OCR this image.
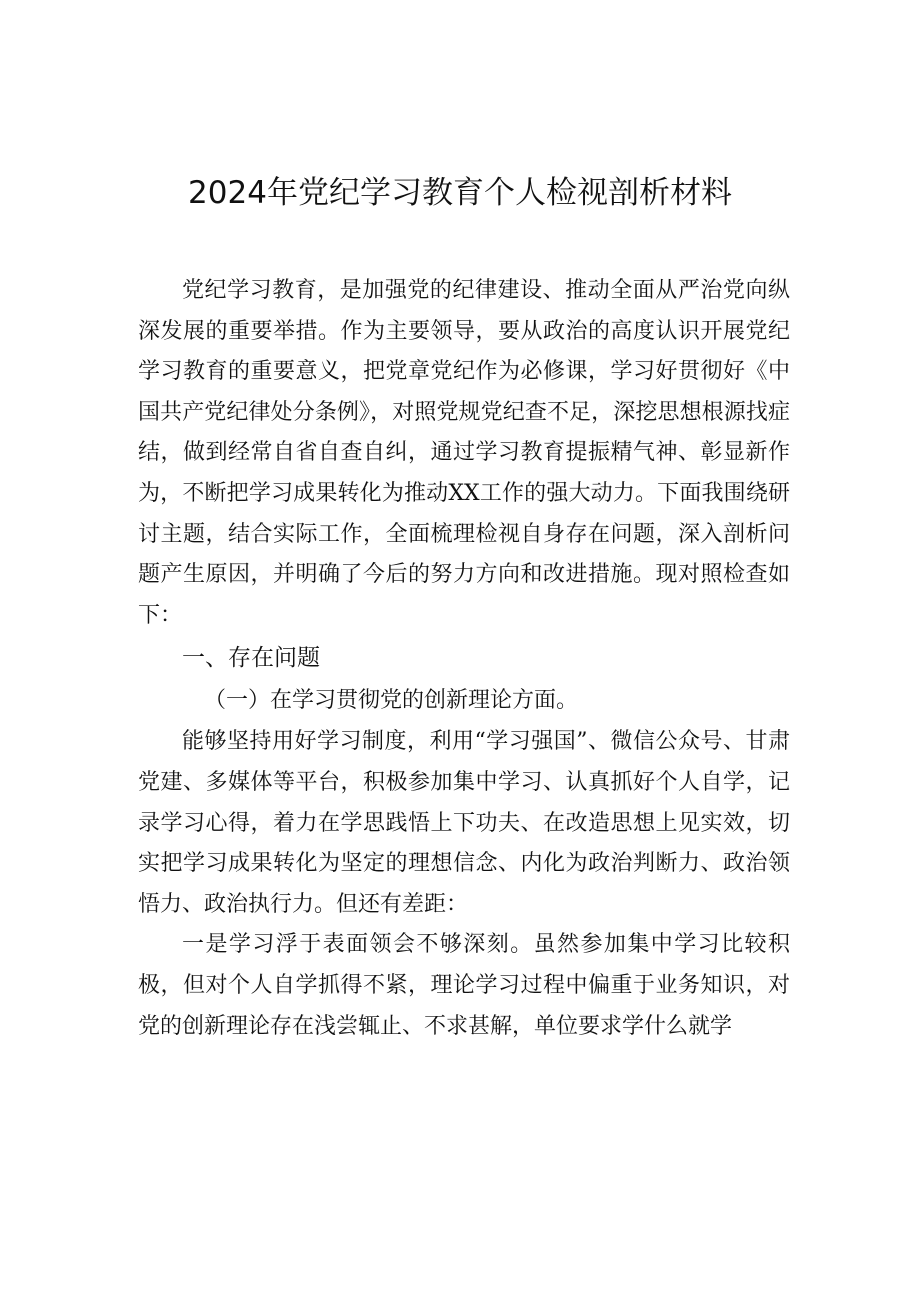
2024年党纪学习教育个人检视剖析材料

党纪学习教育，是加强党的纪律建设、推动全面从严治党向纵深发展的重要举措。作为主要领导，要从政治的高度认识开展党纪学习教育的重要意义，把党章党纪作为必修课，学习好贯彻好《中国共产党纪律处分条例》，对照党规党纪查不足，深挖思想根源找症结，做到经常自省自查自纠，通过学习教育提振精气神、彰显新作为，不断把学习成果转化为推动XX工作的强大动力。下面我围绕研讨主题，结合实际工作，全面梳理检视自身存在问题，深入剖析问题产生原因，并明确了今后的努力方向和改进措施。现对照检查如下：

一、存在问题

（一）在学习贯彻党的创新理论方面。

能够坚持用好学习制度，利用“学习强国”、微信公众号、甘肃党建、多媒体等平台，积极参加集中学习、认真抓好个人自学，记录学习心得，着力在学思践悟上下功夫、在改造思想上见实效，切实把学习成果转化为坚定的理想信念、内化为政治判断力、政治领悟力、政治执行力。但还有差距：

一是学习浮于表面领会不够深刻。虽然参加集中学习比较积极，但对个人自学抓得不紧，理论学习过程中偏重于业务知识，对党的创新理论存在浅尝辄止、不求甚解，单位要求学什么就学
